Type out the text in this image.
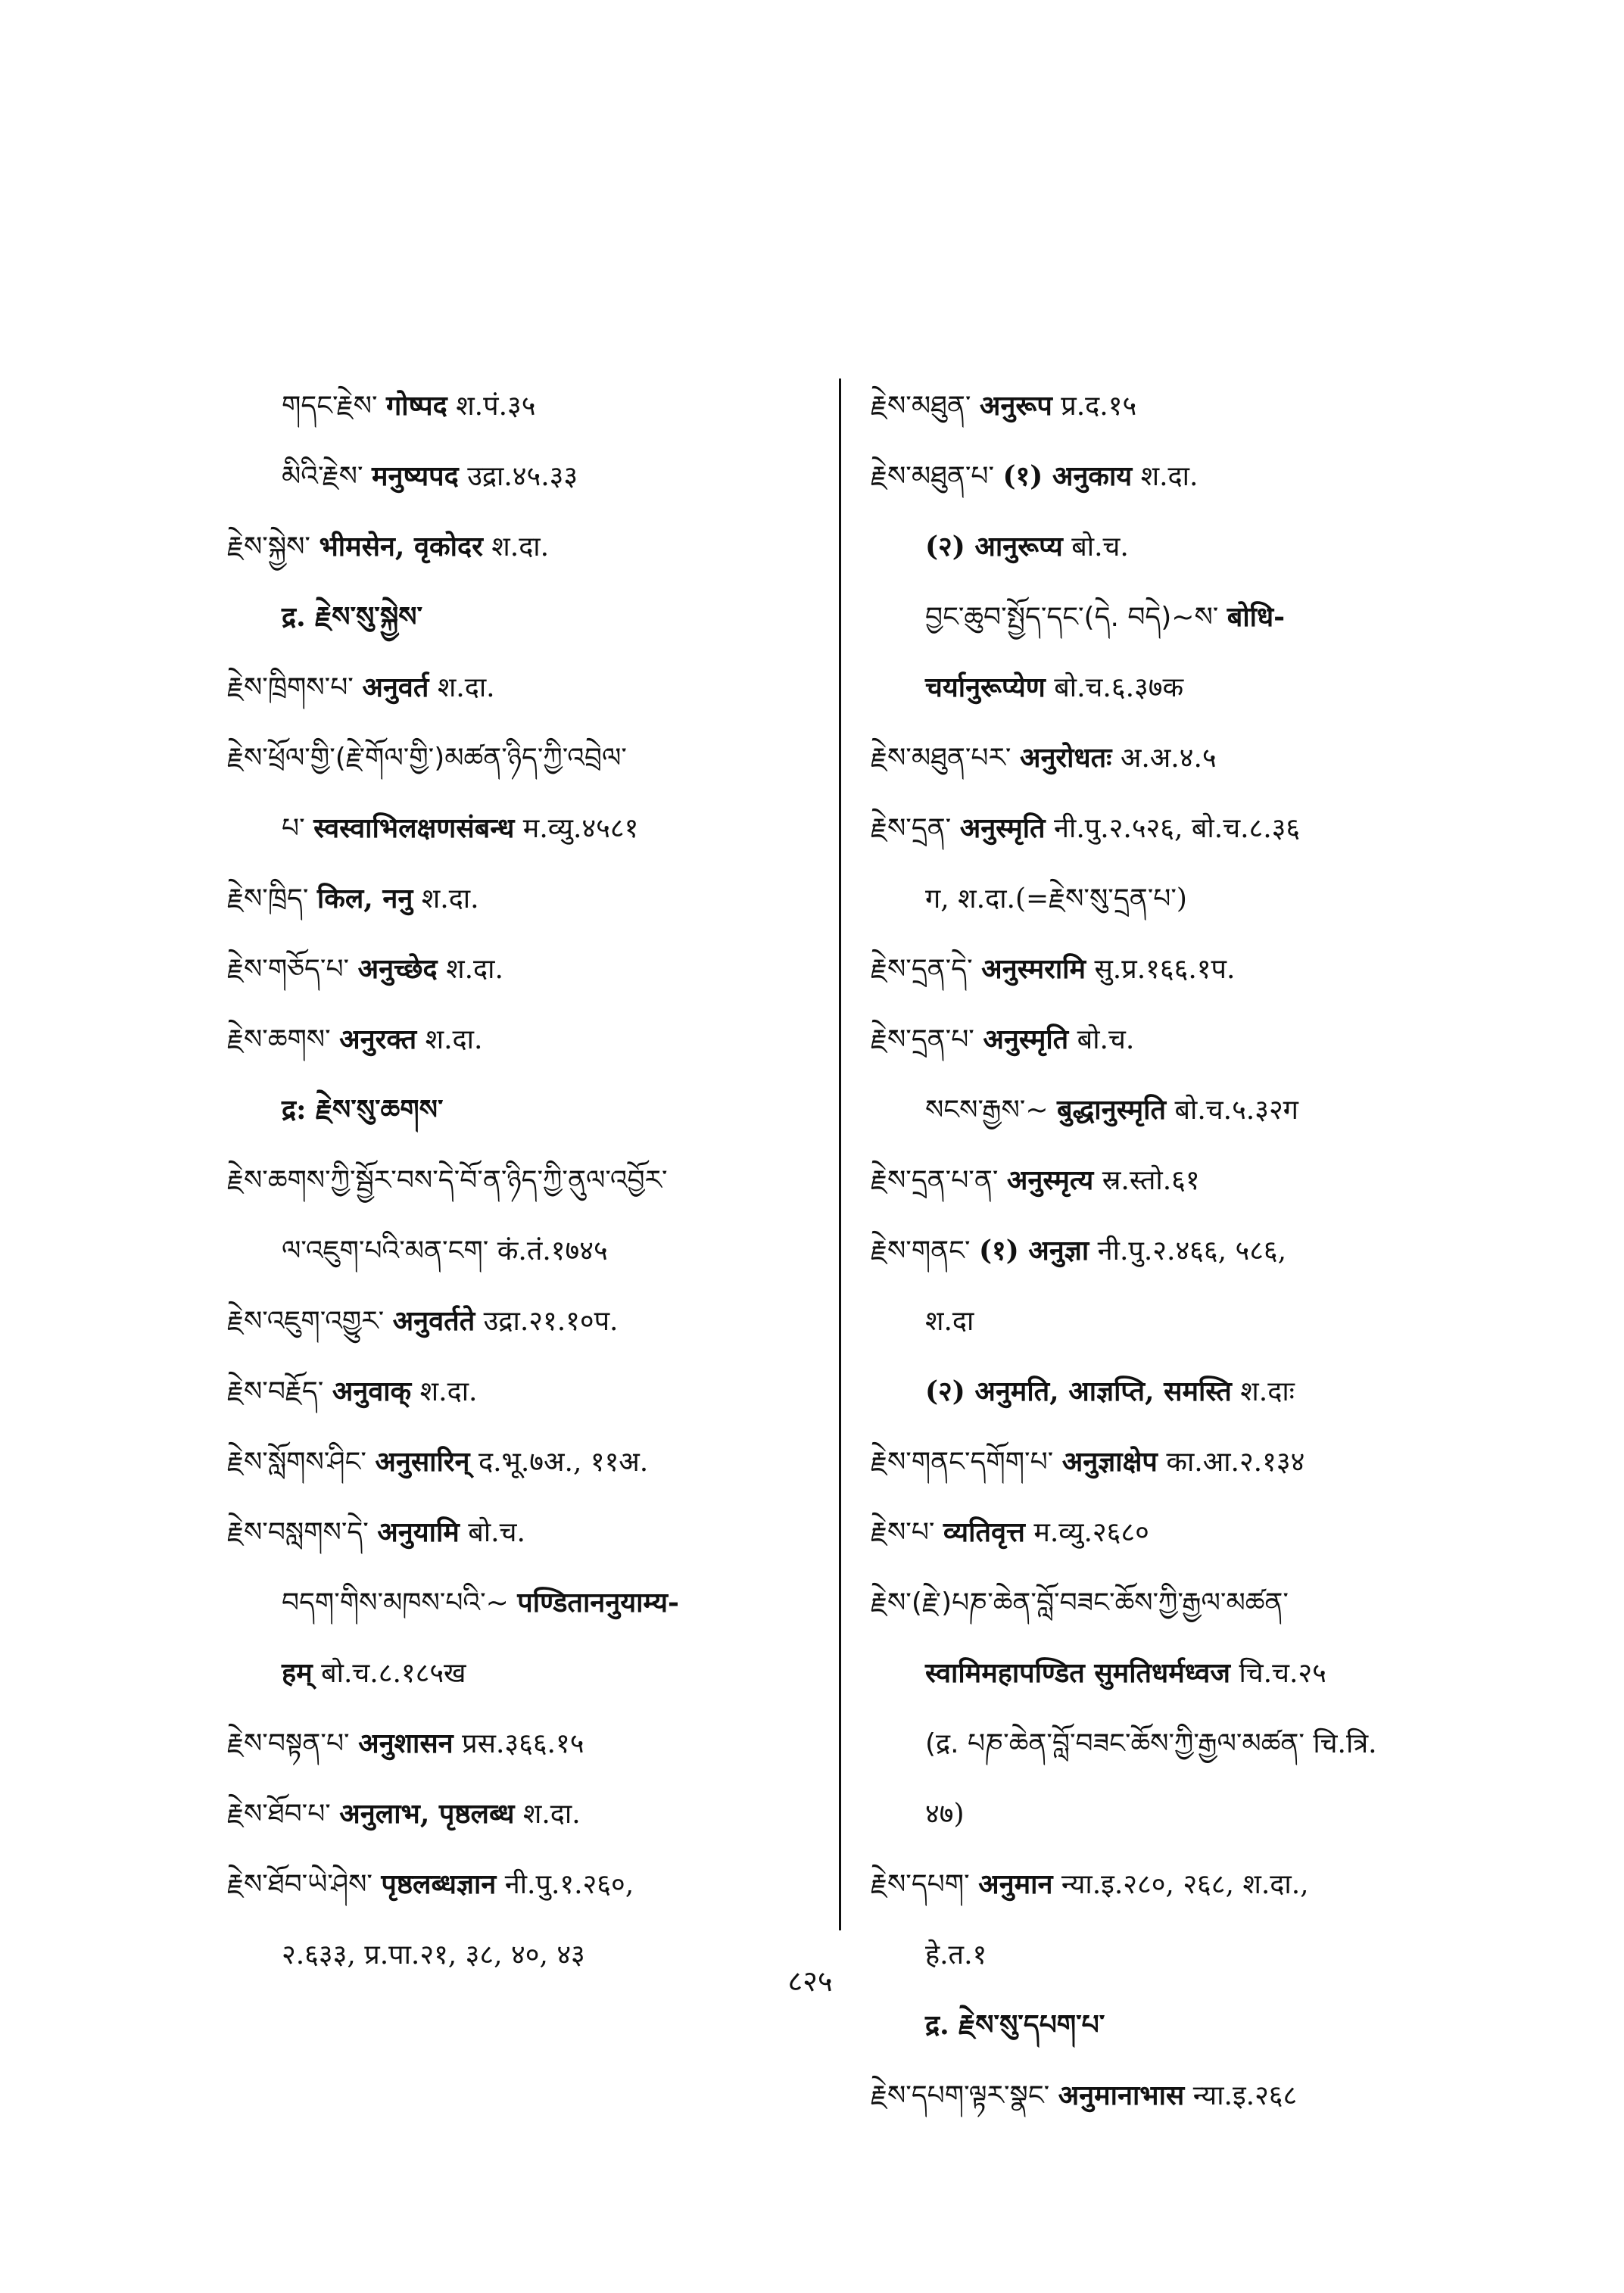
གདང་རྗེས་ गोष्पद श.पं.३५
མིའི་རྗེས་ मनुष्यपद उद्रा.४५.३३
རྗེས་སྐྱེས་ भीमसेन, वृकोदर श.दा.
द्र. རྗེས་སུ་སྐྱེས་
རྗེས་ཁྲིགས་པ་ अनुवर्त श.दा.
རྗེས་ཕྲོལ་གྱི་(རྗེ་གོལ་གྱི་)མཚན་ཉིད་ཀྱི་འབྲེལ་
པ་ स्वस्वाभिलक्षणसंबन्ध म.व्यु.४५८१
རྗེས་ཁྲིད་ किल, ननु श.दा.
རྗེས་གཅོད་པ་ अनुच्छेद श.दा.
རྗེས་ཆགས་ अनुरक्त श.दा.
द्र: རྗེས་སུ་ཆགས་
རྗེས་ཆགས་ཀྱི་སྦྱོར་བས་དེ་བོ་ན་ཉིད་ཀྱི་ནུལ་འབྱོར་
ལ་འཇུག་པའི་མན་ངག་ कं.तं.१७४५
རྗེས་འཇུག་འགྱུར་ अनुवर्तते उद्रा.२१.१०प.
རྗེས་བརྗོད་ अनुवाक् श.दा.
རྗེས་སློགས་ཤིང་ अनुसारिन् द.भू.७अ., ११अ.
རྗེས་བསླགས་དེ་ अनुयामि बो.च.
བདག་གིས་མཁས་པའི་~ पण्डिताननुयाम्य-
हम् बो.च.८.१८५ख
རྗེས་བསྟན་པ་ अनुशासन प्रस.३६६.१५
རྗེས་ཐོབ་པ་ अनुलाभ, पृष्ठलब्ध श.दा.
རྗེས་ཐོབ་ཡེ་ཤེས་ पृष्ठलब्धज्ञान नी.पु.१.२६०,
२.६३३, प्र.पा.२१, ३८, ४०, ४३
རྗེས་མཐུན་ अनुरूप प्र.द.१५
རྗེས་མཐུན་པ་ (१) अनुकाय श.दा.
(२) आनुरूप्य बो.च.
བྱང་ཆུབ་སྤྱོད་དང་(དེ. བདེ)~ས་ बोधि-
चर्यानुरूप्येण बो.च.६.३७क
རྗེས་མཐུན་པར་ अनुरोधतः अ.अ.४.५
རྗེས་དྲན་ अनुस्मृति नी.पु.२.५२६, बो.च.८.३६
ग, श.दा.(=རྗེས་སུ་དྲན་པ་)
རྗེས་དྲན་དེ་ अनुस्मरामि सु.प्र.१६६.१प.
རྗེས་དྲན་པ་ अनुस्मृति बो.च.
སངས་རྒྱས་~ बुद्धानुस्मृति बो.च.५.३२ग
རྗེས་དྲན་པ་ན་ अनुस्मृत्य स्र.स्तो.६१
རྗེས་གནང་ (१) अनुज्ञा नी.पु.२.४६६, ५८६,
श.दा
(२) अनुमति, आज्ञप्ति, समस्ति श.दाः
རྗེས་གནང་དགོག་པ་ अनुज्ञाक्षेप का.आ.२.१३४
རྗེས་པ་ व्यतिवृत्त म.व्यु.२६८०
རྗེས་(རྗེ་)པཎ་ཆེན་བློ་བཟང་ཆོས་ཀྱི་རྒྱལ་མཚན་
स्वामिमहापण्डित सुमतिधर्मध्वज चि.च.२५
(द्र. པཎ་ཆེན་བློ་བཟང་ཆོས་ཀྱི་རྒྱལ་མཚན་ चि.त्रि.
४७)
རྗེས་དཔག་ अनुमान न्या.इ.२८०, २६८, श.दा.,
हे.त.१
द्र. རྗེས་སུ་དཔག་པ་
རྗེས་དཔག་ལྟར་སྣང་ अनुमानाभास न्या.इ.२६८
८२५
